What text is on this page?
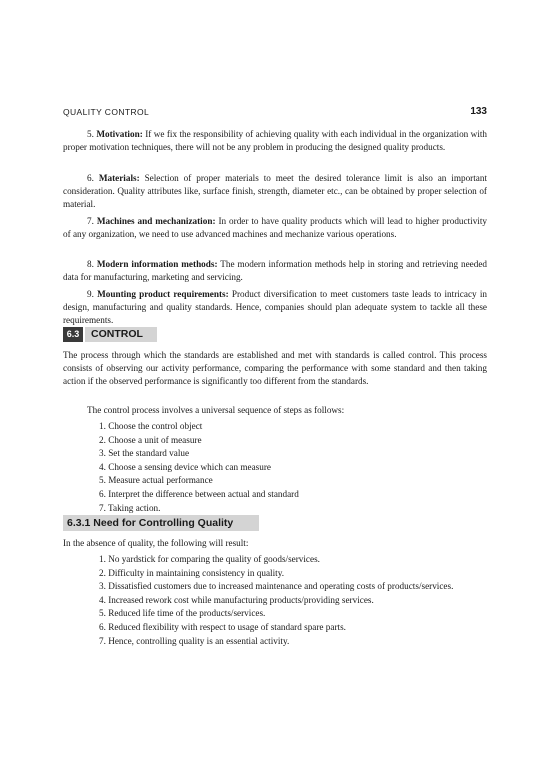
QUALITY CONTROL	133

5. Motivation: If we fix the responsibility of achieving quality with each individual in the organization with proper motivation techniques, there will not be any problem in producing the designed quality products.

6. Materials: Selection of proper materials to meet the desired tolerance limit is also an important consideration. Quality attributes like, surface finish, strength, diameter etc., can be obtained by proper selection of material.

7. Machines and mechanization: In order to have quality products which will lead to higher productivity of any organization, we need to use advanced machines and mechanize various operations.

8. Modern information methods: The modern information methods help in storing and retrieving needed data for manufacturing, marketing and servicing.

9. Mounting product requirements: Product diversification to meet customers taste leads to intricacy in design, manufacturing and quality standards. Hence, companies should plan adequate system to tackle all these requirements.

6.3	CONTROL

The process through which the standards are established and met with standards is called control. This process consists of observing our activity performance, comparing the performance with some standard and then taking action if the observed performance is significantly too different from the standards.

The control process involves a universal sequence of steps as follows:

1. Choose the control object
2. Choose a unit of measure
3. Set the standard value
4. Choose a sensing device which can measure
5. Measure actual performance
6. Interpret the difference between actual and standard
7. Taking action.
6.3.1 Need for Controlling Quality

In the absence of quality, the following will result:

1. No yardstick for comparing the quality of goods/services.
2. Difficulty in maintaining consistency in quality.
3. Dissatisfied customers due to increased maintenance and operating costs of products/services.
4. Increased rework cost while manufacturing products/providing services.
5. Reduced life time of the products/services.
6. Reduced flexibility with respect to usage of standard spare parts.
7. Hence, controlling quality is an essential activity.
